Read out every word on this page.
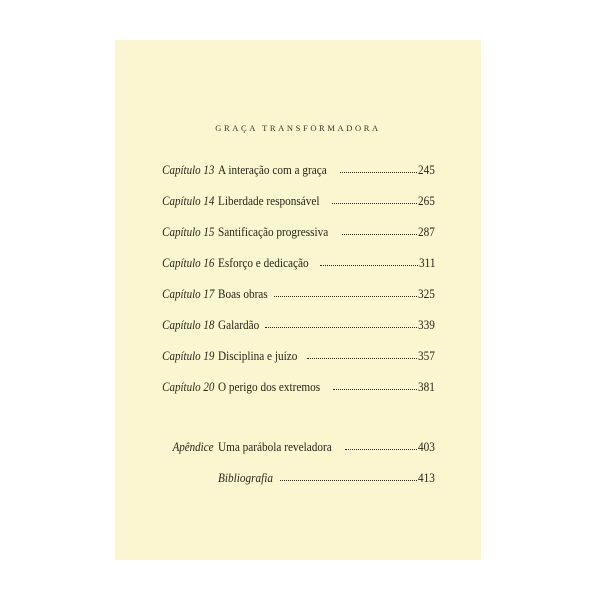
GRAÇA TRANSFORMADORA
Capítulo 13 A interação com a graça	245
Capítulo 14 Liberdade responsável	265
Capítulo 15 Santificação progressiva	287
Capítulo 16 Esforço e dedicação	311
Capítulo 17 Boas obras	325
Capítulo 18 Galardão	339
Capítulo 19 Disciplina e juízo	357
Capítulo 20 O perigo dos extremos	381
Apêndice Uma parábola reveladora	403
Bibliografia	413
